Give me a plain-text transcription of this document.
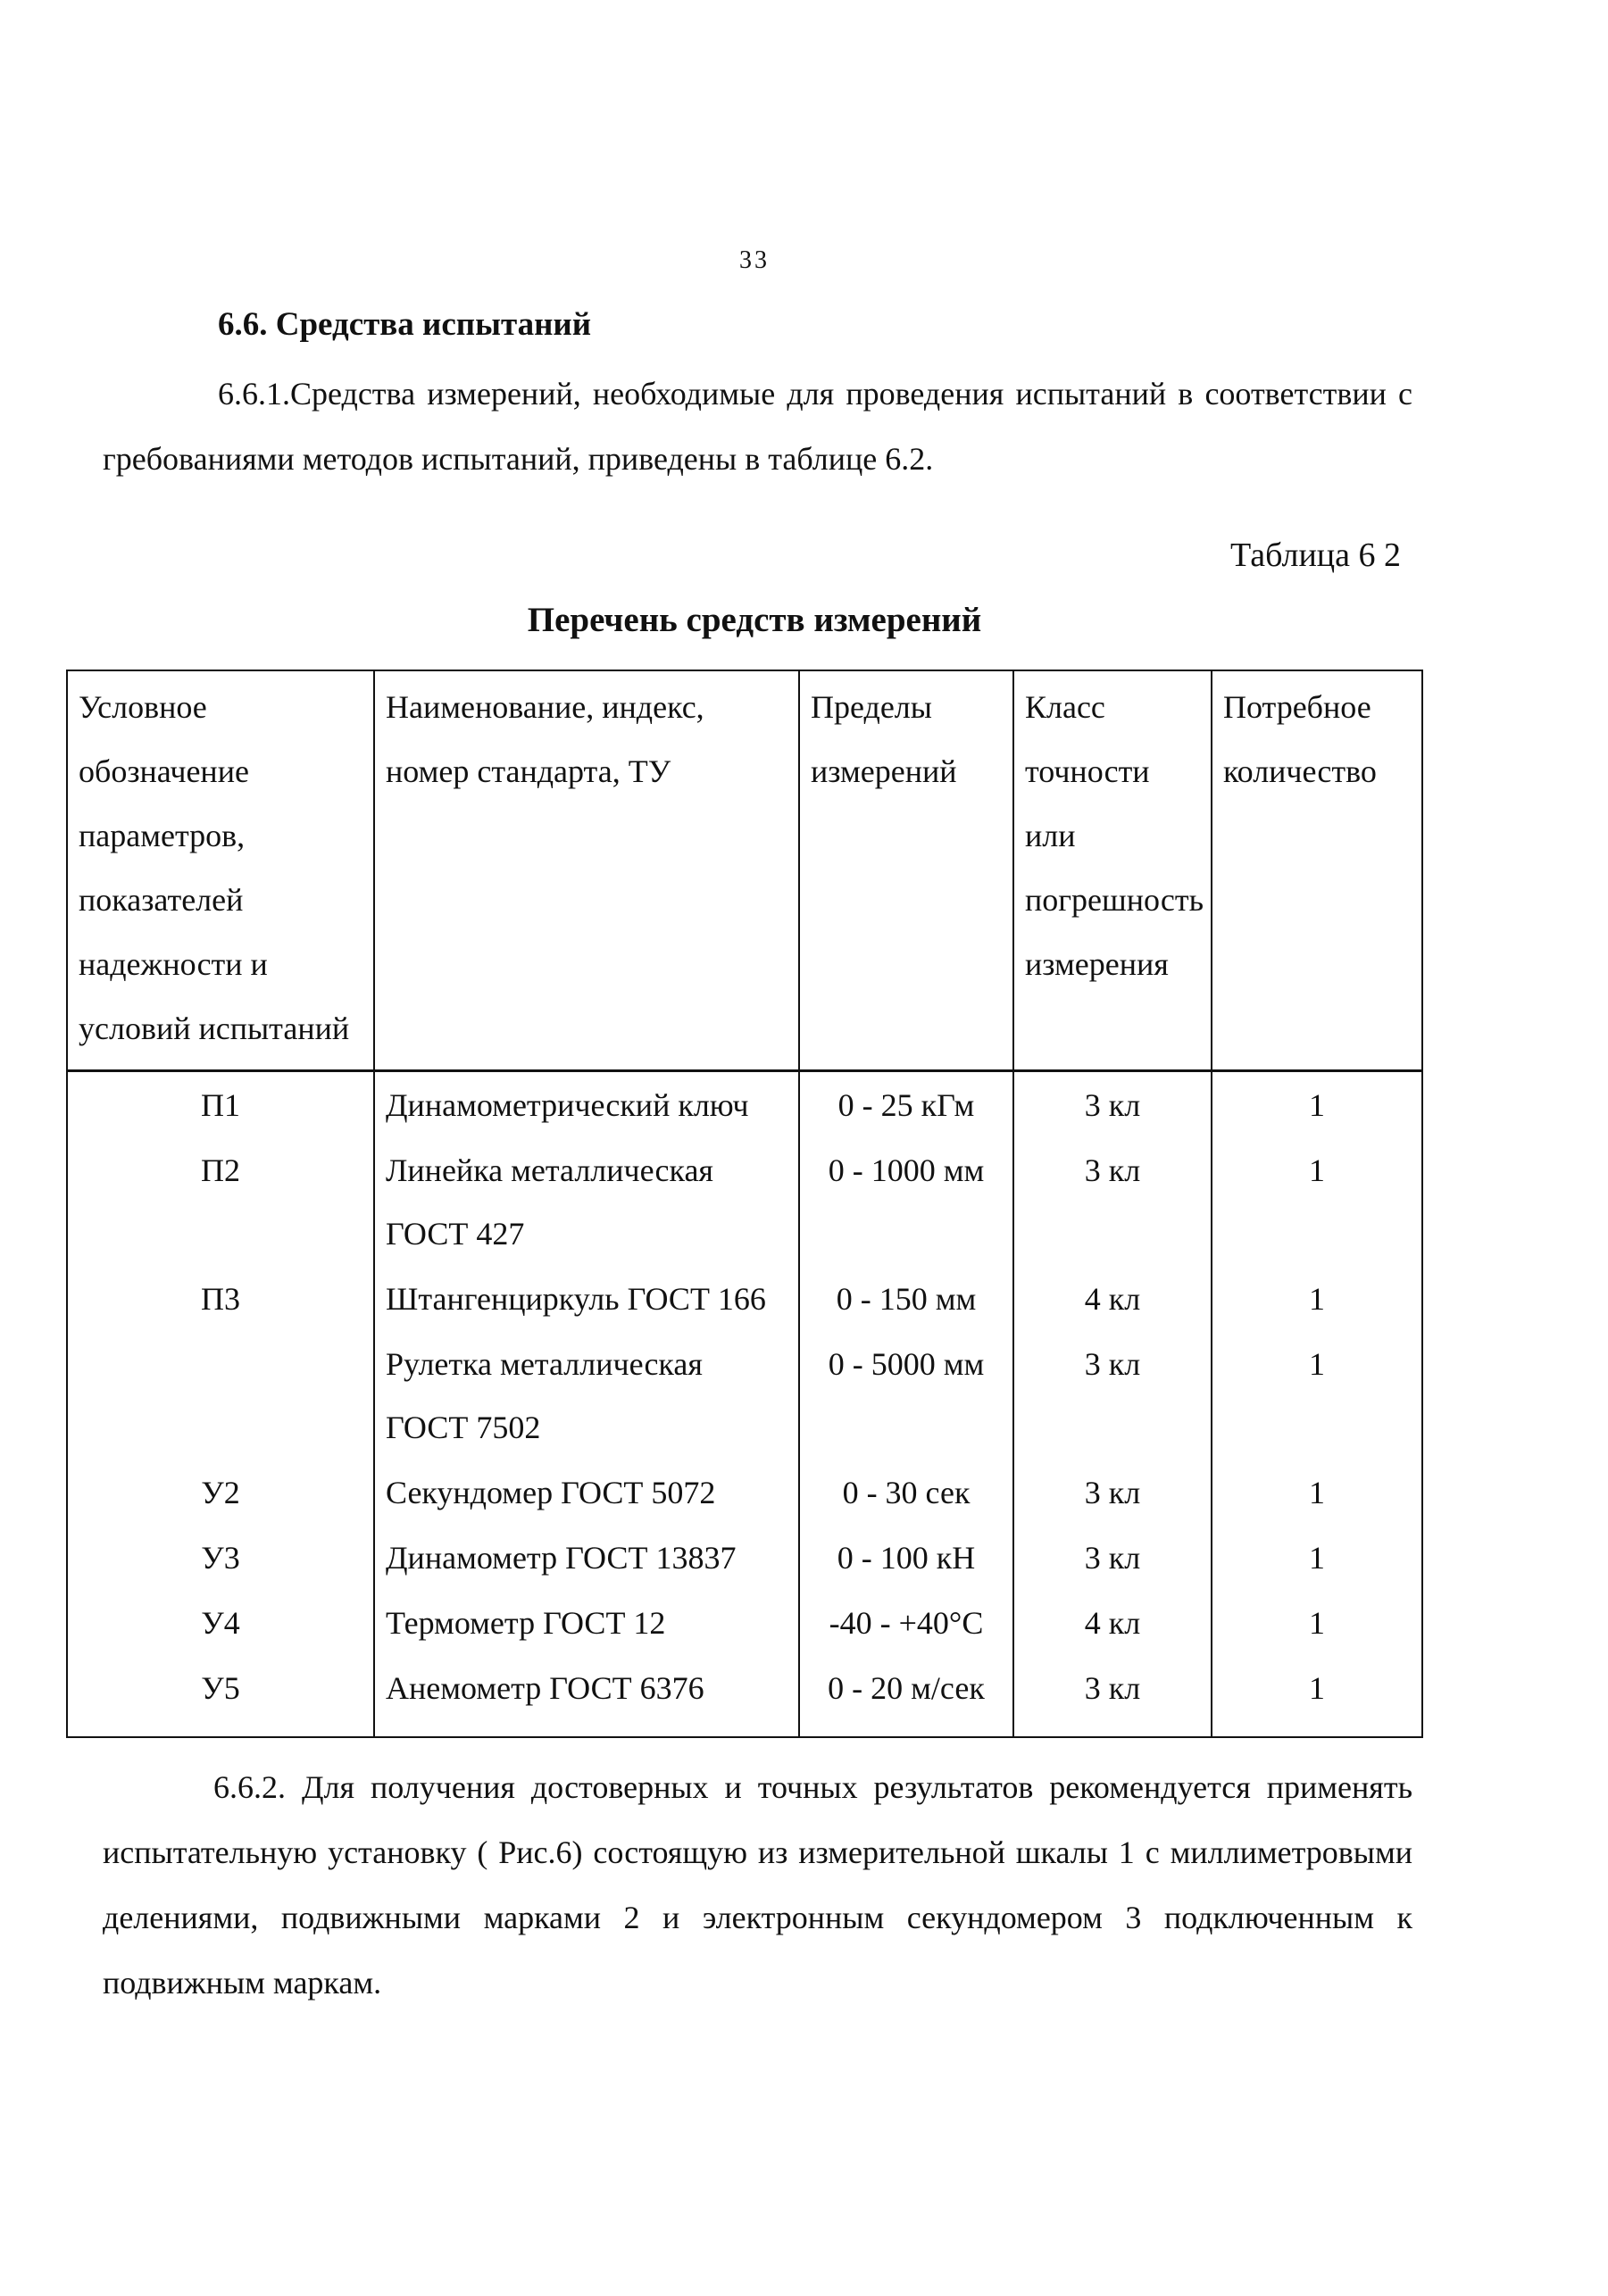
33
6.6. Средства испытаний
6.6.1.Средства измерений, необходимые для проведения испытаний в соответствии с гребованиями методов испытаний, приведены в таблице 6.2.
Таблица 6 2
Перечень средств измерений
Условное обозначение параметров, показателей надежности и условий испытаний	Наименование, индекс, номер стандарта, ТУ	Пределы измерений	Класс точности или погрешность измерения	Потребное количество
П1	Динамометрический ключ	0 - 25 кГм	3 кл	1
П2	Линейка металлическая ГОСТ 427	0 - 1000 мм	3 кл	1
П3	Штангенциркуль ГОСТ 166	0 - 150 мм	4 кл	1
	Рулетка металлическая ГОСТ 7502	0 - 5000 мм	3 кл	1
У2	Секундомер ГОСТ 5072	0 - 30 сек	3 кл	1
У3	Динамометр ГОСТ 13837	0 - 100 кН	3 кл	1
У4	Термометр ГОСТ 12	-40 - +40°С	4 кл	1
У5	Анемометр ГОСТ 6376	0 - 20 м/сек	3 кл	1
6.6.2. Для получения достоверных и точных результатов рекомендуется применять испытательную установку ( Рис.6) состоящую из измерительной шкалы 1 с миллиметровыми делениями, подвижными марками 2 и электронным секундомером 3 подключенным к подвижным маркам.
